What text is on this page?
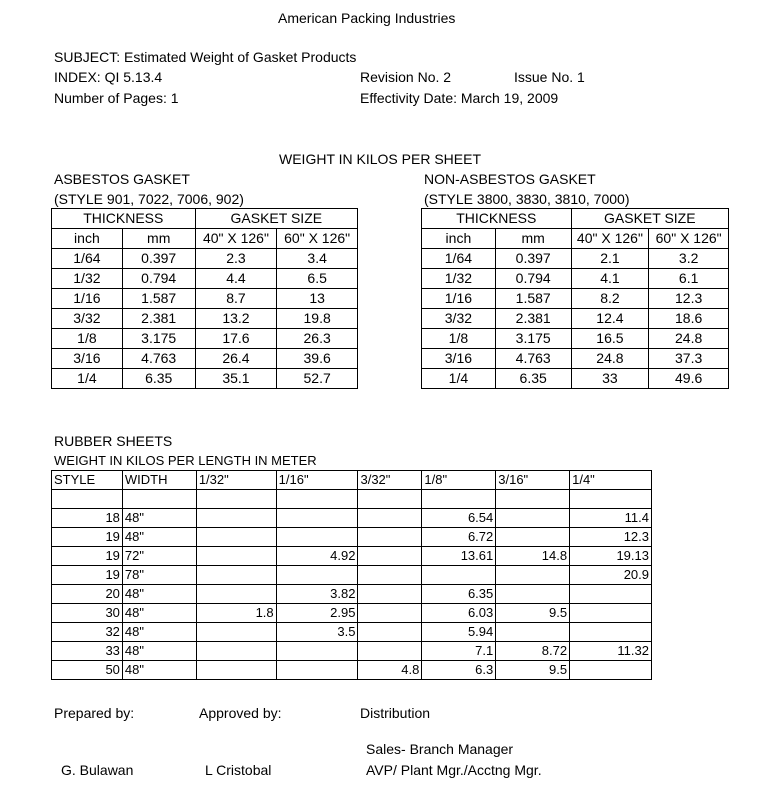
American Packing Industries
SUBJECT: Estimated Weight of Gasket Products
INDEX: QI 5.13.4	Revision No. 2	Issue No. 1
Number of Pages: 1	Effectivity Date: March 19, 2009
WEIGHT IN KILOS PER SHEET
ASBESTOS GASKET
(STYLE 901, 7022, 7006, 902)
NON-ASBESTOS GASKET
(STYLE 3800, 3830, 3810, 7000)
THICKNESS		GASKET SIZE	
inch	mm	40" X 126"	60" X 126"
1/64	0.397	2.3	3.4
1/32	0.794	4.4	6.5
1/16	1.587	8.7	13
3/32	2.381	13.2	19.8
1/8	3.175	17.6	26.3
3/16	4.763	26.4	39.6
1/4	6.35	35.1	52.7
THICKNESS		GASKET SIZE	
inch	mm	40" X 126"	60" X 126"
1/64	0.397	2.1	3.2
1/32	0.794	4.1	6.1
1/16	1.587	8.2	12.3
3/32	2.381	12.4	18.6
1/8	3.175	16.5	24.8
3/16	4.763	24.8	37.3
1/4	6.35	33	49.6
RUBBER SHEETS
WEIGHT IN KILOS PER LENGTH IN METER
STYLE	WIDTH	1/32"	1/16"	3/32"	1/8"	3/16"	1/4"

18	48"				6.54		11.4
19	48"				6.72		12.3
19	72"		4.92		13.61	14.8	19.13
19	78"						20.9
20	48"		3.82		6.35		
30	48"	1.8	2.95		6.03	9.5	
32	48"		3.5		5.94		
33	48"				7.1	8.72	11.32
50	48"			4.8	6.3	9.5	
Prepared by:	Approved by:	Distribution
Sales- Branch Manager
G. Bulawan	L Cristobal	AVP/ Plant Mgr./Acctng Mgr.
